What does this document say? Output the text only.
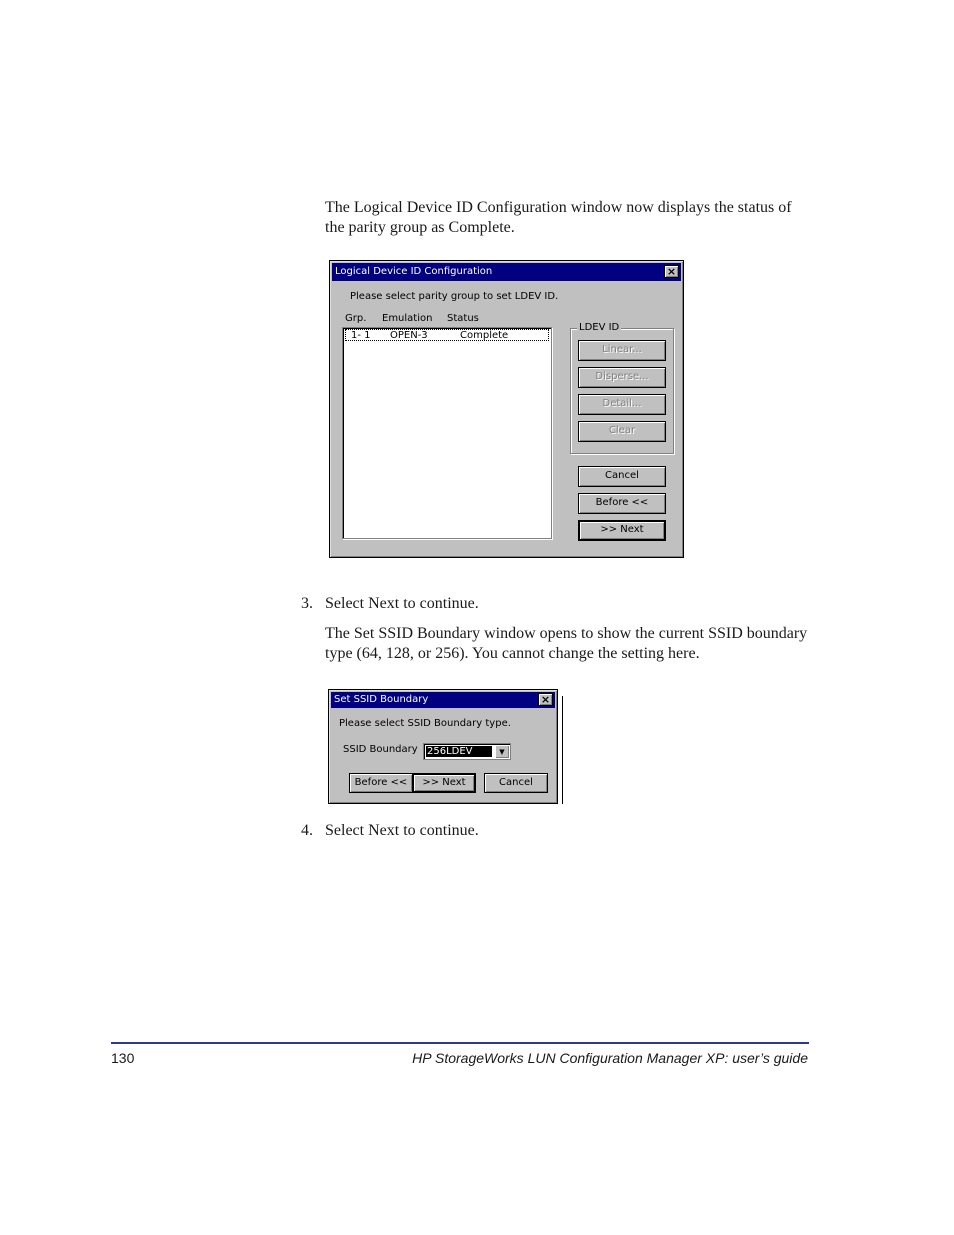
The Logical Device ID Configuration window now displays the status of the parity group as Complete.

Logical Device ID Configuration	×
Please select parity group to set LDEV ID.
Grp. Emulation Status
1- 1 OPEN-3	Complete
LDEV ID
Linear...
Disperse...
Detail...
Clear
Cancel
Before <<
>> Next
3. Select Next to continue.

The Set SSID Boundary window opens to show the current SSID boundary type (64, 128, or 256). You cannot change the setting here.

Set SSID Boundary	×
Please select SSID Boundary type.
SSID Boundary 256LDEV	▼
Before <<	>> Next	Cancel
4. Select Next to continue.

130	HP StorageWorks LUN Configuration Manager XP: user’s guide
